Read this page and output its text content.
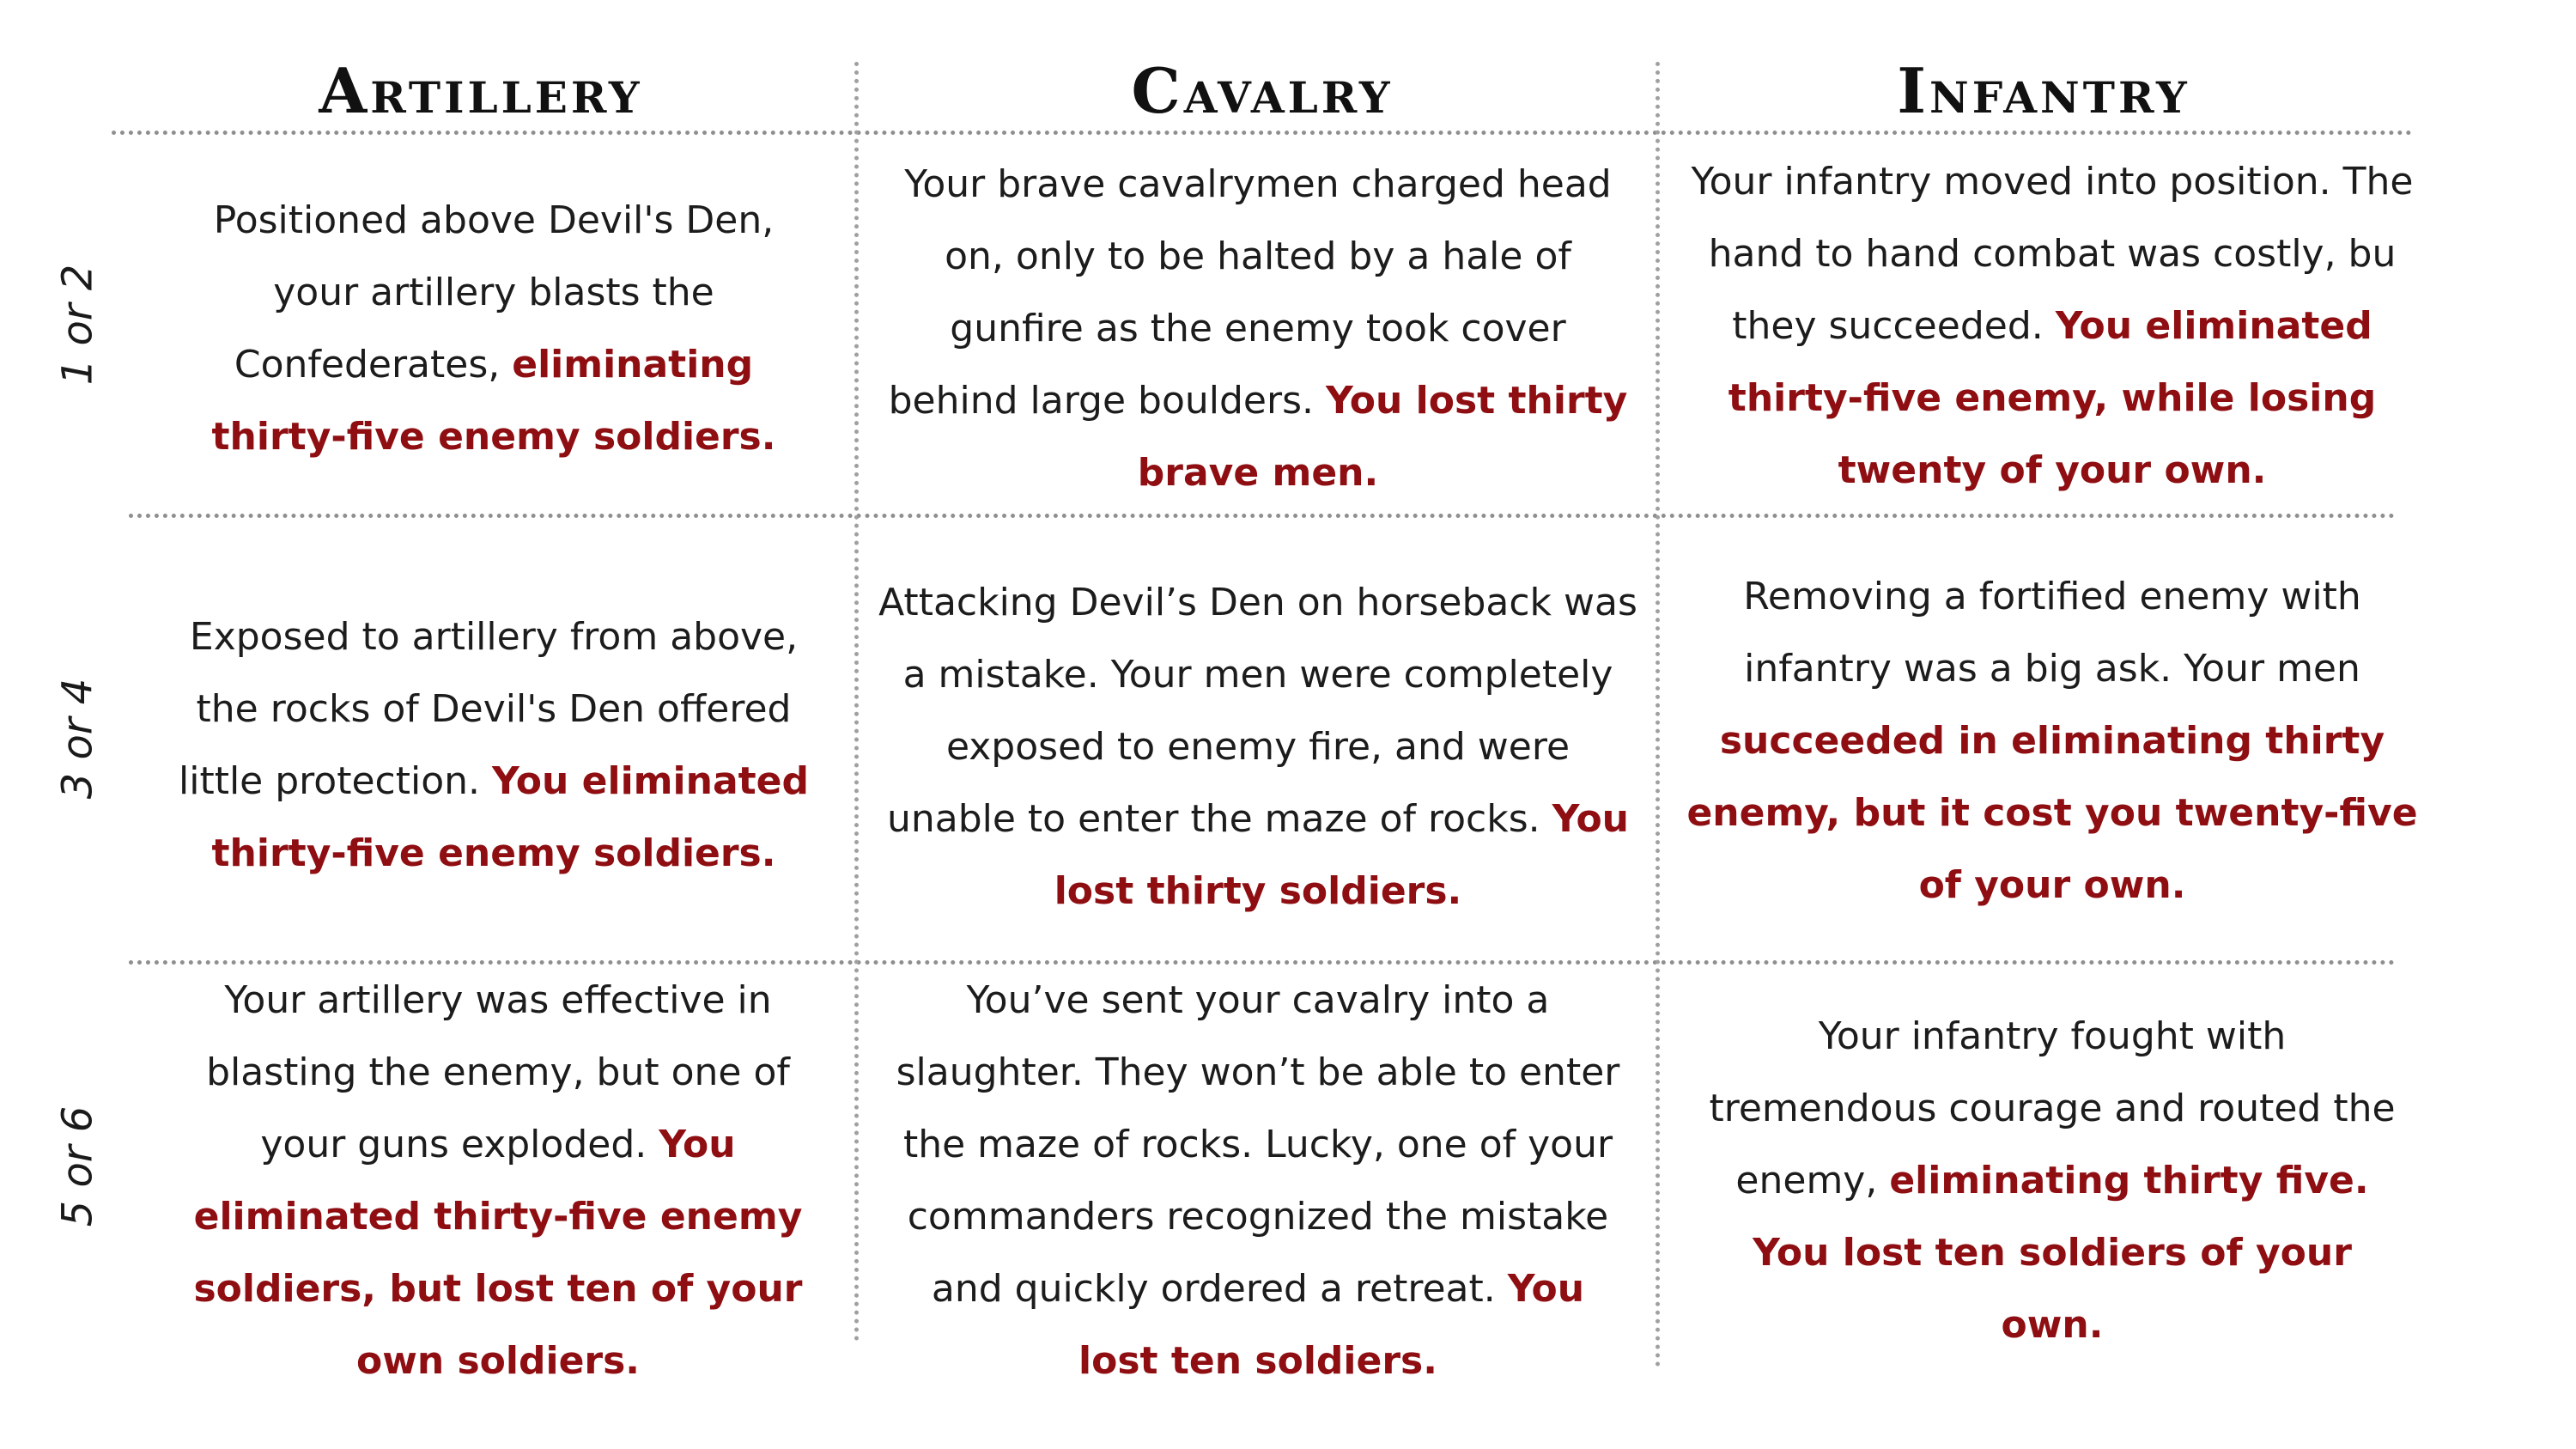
Artillery	Cavalry	Infantry
1 or 2
3 or 4
5 or 6

Positioned above Devil's Den, your artillery blasts the Confederates, eliminating thirty-five enemy soldiers.

Your brave cavalrymen charged head on, only to be halted by a hale of gunfire as the enemy took cover behind large boulders. You lost thirty brave men.

Your infantry moved into position. The hand to hand combat was costly, bu they succeeded. You eliminated thirty-five enemy, while losing twenty of your own.

Exposed to artillery from above, the rocks of Devil's Den offered little protection. You eliminated thirty-five enemy soldiers.

Attacking Devil’s Den on horseback was a mistake. Your men were completely exposed to enemy fire, and were unable to enter the maze of rocks. You lost thirty soldiers.

Removing a fortified enemy with infantry was a big ask. Your men succeeded in eliminating thirty enemy, but it cost you twenty-five of your own.

Your artillery was effective in blasting the enemy, but one of your guns exploded. You eliminated thirty-five enemy soldiers, but lost ten of your own soldiers.

You’ve sent your cavalry into a slaughter. They won’t be able to enter the maze of rocks. Lucky, one of your commanders recognized the mistake and quickly ordered a retreat. You lost ten soldiers.

Your infantry fought with tremendous courage and routed the enemy, eliminating thirty five. You lost ten soldiers of your own.
